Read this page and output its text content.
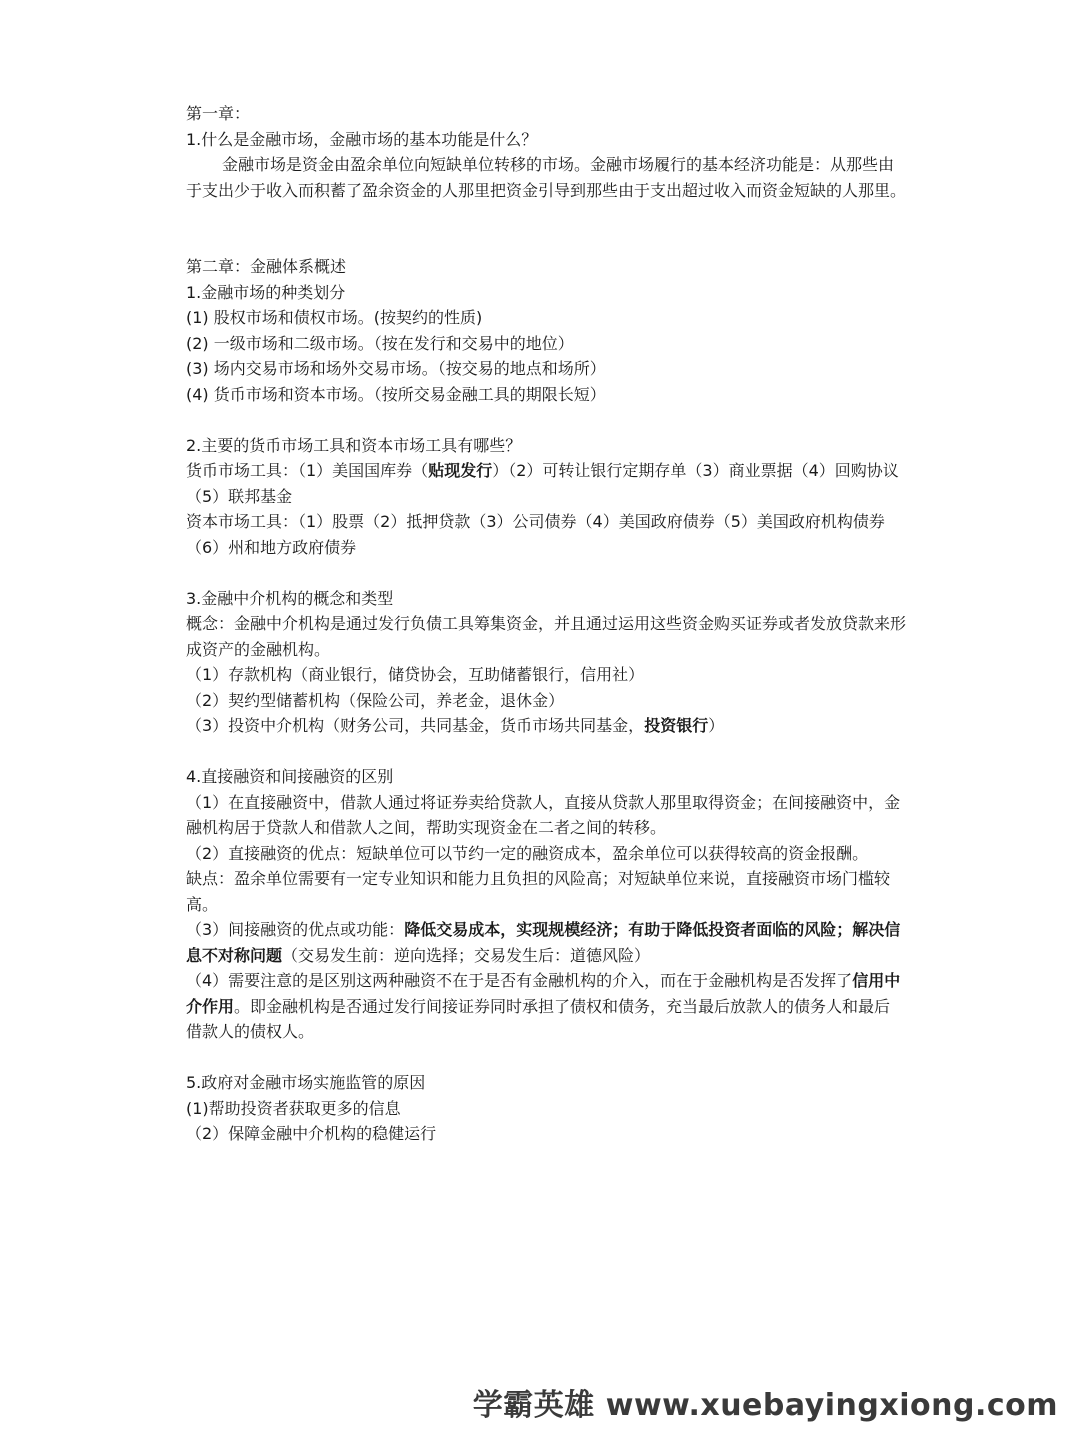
第一章：
1.什么是金融市场，金融市场的基本功能是什么？
金融市场是资金由盈余单位向短缺单位转移的市场。金融市场履行的基本经济功能是：从那些由于支出少于收入而积蓄了盈余资金的人那里把资金引导到那些由于支出超过收入而资金短缺的人那里。
第二章：金融体系概述
1.金融市场的种类划分
(1) 股权市场和债权市场。(按契约的性质)
(2) 一级市场和二级市场。（按在发行和交易中的地位）
(3) 场内交易市场和场外交易市场。（按交易的地点和场所）
(4) 货币市场和资本市场。（按所交易金融工具的期限长短）
2.主要的货币市场工具和资本市场工具有哪些？
货币市场工具：（1）美国国库券（贴现发行）（2）可转让银行定期存单（3）商业票据（4）回购协议（5）联邦基金
资本市场工具：（1）股票（2）抵押贷款（3）公司债券（4）美国政府债券（5）美国政府机构债券（6）州和地方政府债券
3.金融中介机构的概念和类型
概念：金融中介机构是通过发行负债工具筹集资金，并且通过运用这些资金购买证券或者发放贷款来形成资产的金融机构。
（1）存款机构（商业银行，储贷协会，互助储蓄银行，信用社）
（2）契约型储蓄机构（保险公司，养老金，退休金）
（3）投资中介机构（财务公司，共同基金，货币市场共同基金，投资银行）
4.直接融资和间接融资的区别
（1）在直接融资中，借款人通过将证券卖给贷款人，直接从贷款人那里取得资金；在间接融资中，金融机构居于贷款人和借款人之间，帮助实现资金在二者之间的转移。
（2）直接融资的优点：短缺单位可以节约一定的融资成本，盈余单位可以获得较高的资金报酬。
缺点：盈余单位需要有一定专业知识和能力且负担的风险高；对短缺单位来说，直接融资市场门槛较高。
（3）间接融资的优点或功能：降低交易成本，实现规模经济；有助于降低投资者面临的风险；解决信息不对称问题（交易发生前：逆向选择；交易发生后：道德风险）
（4）需要注意的是区别这两种融资不在于是否有金融机构的介入，而在于金融机构是否发挥了信用中介作用。即金融机构是否通过发行间接证券同时承担了债权和债务，充当最后放款人的债务人和最后借款人的债权人。
5.政府对金融市场实施监管的原因
(1)帮助投资者获取更多的信息
（2）保障金融中介机构的稳健运行
学霸英雄 www.xuebayingxiong.com
